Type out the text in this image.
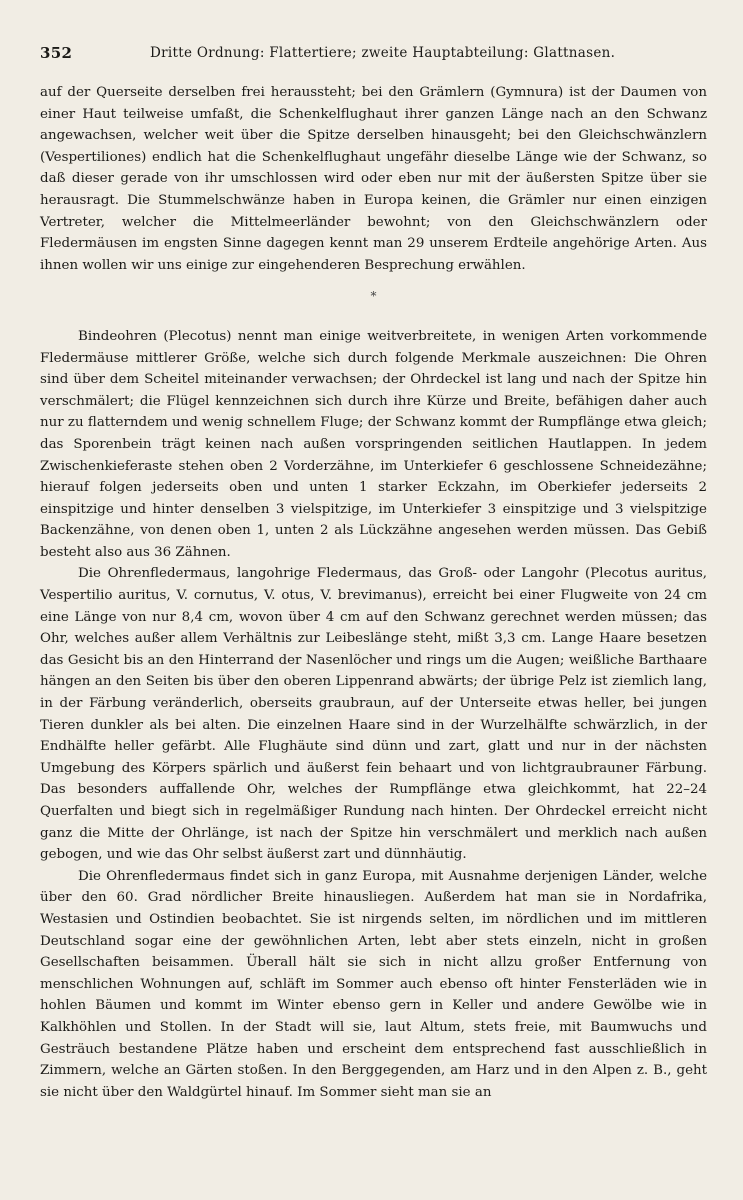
352	Dritte Ordnung: Flattertiere; zweite Hauptabteilung: Glattnasen.

auf der Querseite derselben frei heraussteht; bei den Grämlern (Gymnura) ist der Daumen von einer Haut teilweise umfaßt, die Schenkelflughaut ihrer ganzen Länge nach an den Schwanz angewachsen, welcher weit über die Spitze derselben hinausgeht; bei den Gleichschwänzlern (Vespertiliones) endlich hat die Schenkelflughaut ungefähr dieselbe Länge wie der Schwanz, so daß dieser gerade von ihr umschlossen wird oder eben nur mit der äußersten Spitze über sie herausragt. Die Stummelschwänze haben in Europa keinen, die Grämler nur einen einzigen Vertreter, welcher die Mittelmeerländer bewohnt; von den Gleichschwänzlern oder Fledermäusen im engsten Sinne dagegen kennt man 29 unserem Erdteile angehörige Arten. Aus ihnen wollen wir uns einige zur eingehenderen Besprechung erwählen.

*

Bindeohren (Plecotus) nennt man einige weitverbreitete, in wenigen Arten vorkommende Fledermäuse mittlerer Größe, welche sich durch folgende Merkmale auszeichnen: Die Ohren sind über dem Scheitel miteinander verwachsen; der Ohrdeckel ist lang und nach der Spitze hin verschmälert; die Flügel kennzeichnen sich durch ihre Kürze und Breite, befähigen daher auch nur zu flatterndem und wenig schnellem Fluge; der Schwanz kommt der Rumpflänge etwa gleich; das Sporenbein trägt keinen nach außen vorspringenden seitlichen Hautlappen. In jedem Zwischenkieferaste stehen oben 2 Vorderzähne, im Unterkiefer 6 geschlossene Schneidezähne; hierauf folgen jederseits oben und unten 1 starker Eckzahn, im Oberkiefer jederseits 2 einspitzige und hinter denselben 3 vielspitzige, im Unterkiefer 3 einspitzige und 3 vielspitzige Backenzähne, von denen oben 1, unten 2 als Lückzähne angesehen werden müssen. Das Gebiß besteht also aus 36 Zähnen.

Die Ohrenfledermaus, langohrige Fledermaus, das Groß- oder Langohr (Plecotus auritus, Vespertilio auritus, V. cornutus, V. otus, V. brevimanus), erreicht bei einer Flugweite von 24 cm eine Länge von nur 8,4 cm, wovon über 4 cm auf den Schwanz gerechnet werden müssen; das Ohr, welches außer allem Verhältnis zur Leibeslänge steht, mißt 3,3 cm. Lange Haare besetzen das Gesicht bis an den Hinterrand der Nasenlöcher und rings um die Augen; weißliche Barthaare hängen an den Seiten bis über den oberen Lippenrand abwärts; der übrige Pelz ist ziemlich lang, in der Färbung veränderlich, oberseits graubraun, auf der Unterseite etwas heller, bei jungen Tieren dunkler als bei alten. Die einzelnen Haare sind in der Wurzelhälfte schwärzlich, in der Endhälfte heller gefärbt. Alle Flughäute sind dünn und zart, glatt und nur in der nächsten Umgebung des Körpers spärlich und äußerst fein behaart und von lichtgraubrauner Färbung. Das besonders auffallende Ohr, welches der Rumpflänge etwa gleichkommt, hat 22–24 Querfalten und biegt sich in regelmäßiger Rundung nach hinten. Der Ohrdeckel erreicht nicht ganz die Mitte der Ohrlänge, ist nach der Spitze hin verschmälert und merklich nach außen gebogen, und wie das Ohr selbst äußerst zart und dünnhäutig.

Die Ohrenfledermaus findet sich in ganz Europa, mit Ausnahme derjenigen Länder, welche über den 60. Grad nördlicher Breite hinausliegen. Außerdem hat man sie in Nordafrika, Westasien und Ostindien beobachtet. Sie ist nirgends selten, im nördlichen und im mittleren Deutschland sogar eine der gewöhnlichen Arten, lebt aber stets einzeln, nicht in großen Gesellschaften beisammen. Überall hält sie sich in nicht allzu großer Entfernung von menschlichen Wohnungen auf, schläft im Sommer auch ebenso oft hinter Fensterläden wie in hohlen Bäumen und kommt im Winter ebenso gern in Keller und andere Gewölbe wie in Kalkhöhlen und Stollen. In der Stadt will sie, laut Altum, stets freie, mit Baumwuchs und Gesträuch bestandene Plätze haben und erscheint dem entsprechend fast ausschließlich in Zimmern, welche an Gärten stoßen. In den Berggegenden, am Harz und in den Alpen z. B., geht sie nicht über den Waldgürtel hinauf. Im Sommer sieht man sie an
